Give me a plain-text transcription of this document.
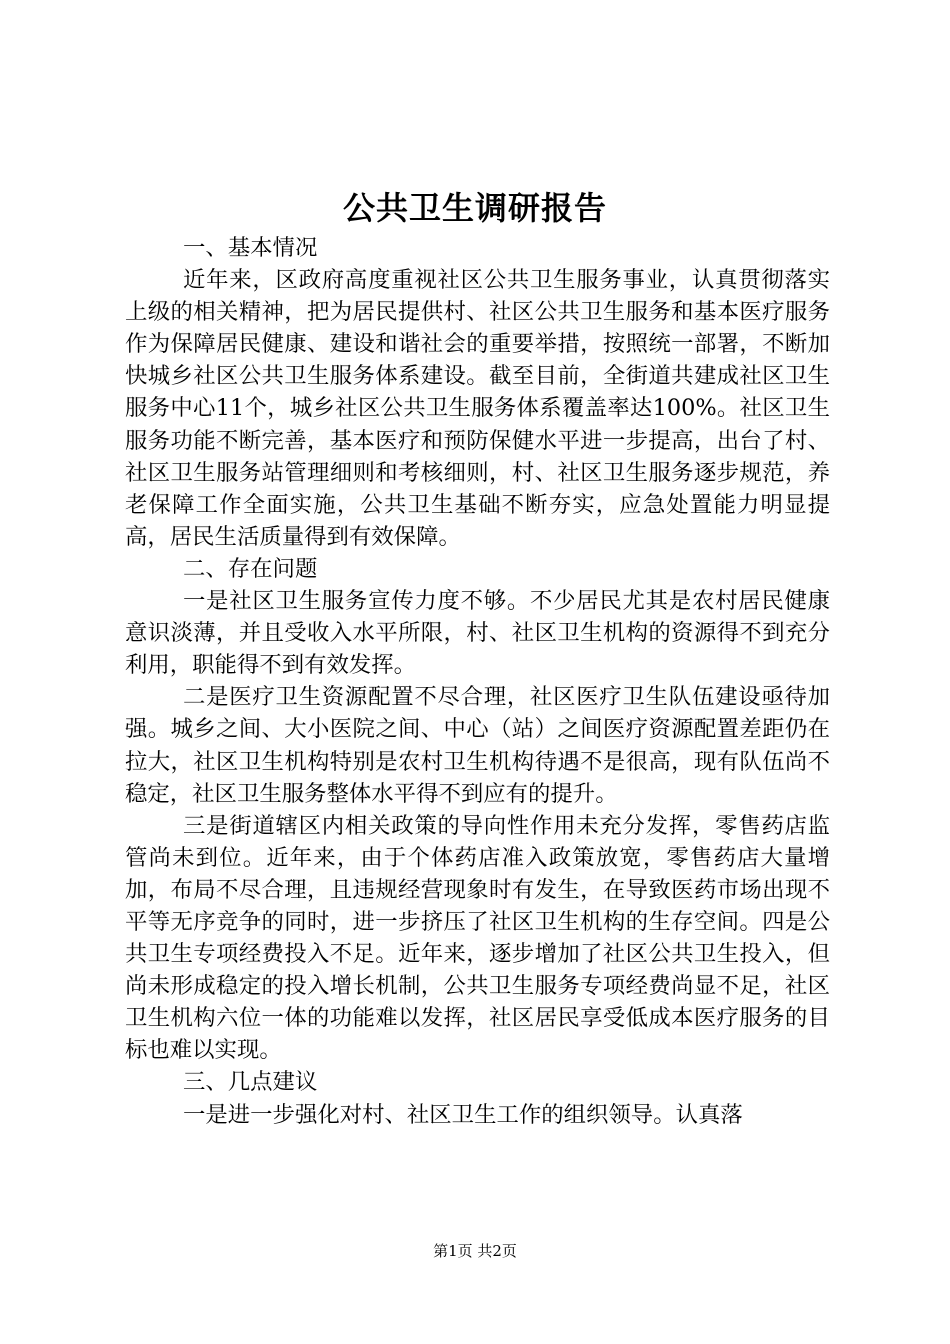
公共卫生调研报告

一、基本情况

近年来，区政府高度重视社区公共卫生服务事业，认真贯彻落实上级的相关精神，把为居民提供村、社区公共卫生服务和基本医疗服务作为保障居民健康、建设和谐社会的重要举措，按照统一部署，不断加快城乡社区公共卫生服务体系建设。截至目前，全街道共建成社区卫生服务中心11个，城乡社区公共卫生服务体系覆盖率达100%。社区卫生服务功能不断完善，基本医疗和预防保健水平进一步提高，出台了村、社区卫生服务站管理细则和考核细则，村、社区卫生服务逐步规范，养老保障工作全面实施，公共卫生基础不断夯实，应急处置能力明显提高，居民生活质量得到有效保障。

二、存在问题

一是社区卫生服务宣传力度不够。不少居民尤其是农村居民健康意识淡薄，并且受收入水平所限，村、社区卫生机构的资源得不到充分利用，职能得不到有效发挥。

二是医疗卫生资源配置不尽合理，社区医疗卫生队伍建设亟待加强。城乡之间、大小医院之间、中心（站）之间医疗资源配置差距仍在拉大，社区卫生机构特别是农村卫生机构待遇不是很高，现有队伍尚不稳定，社区卫生服务整体水平得不到应有的提升。

三是街道辖区内相关政策的导向性作用未充分发挥，零售药店监管尚未到位。近年来，由于个体药店准入政策放宽，零售药店大量增加，布局不尽合理，且违规经营现象时有发生，在导致医药市场出现不平等无序竞争的同时，进一步挤压了社区卫生机构的生存空间。四是公共卫生专项经费投入不足。近年来，逐步增加了社区公共卫生投入，但尚未形成稳定的投入增长机制，公共卫生服务专项经费尚显不足，社区卫生机构六位一体的功能难以发挥，社区居民享受低成本医疗服务的目标也难以实现。

三、几点建议

一是进一步强化对村、社区卫生工作的组织领导。认真落

第1页 共2页
